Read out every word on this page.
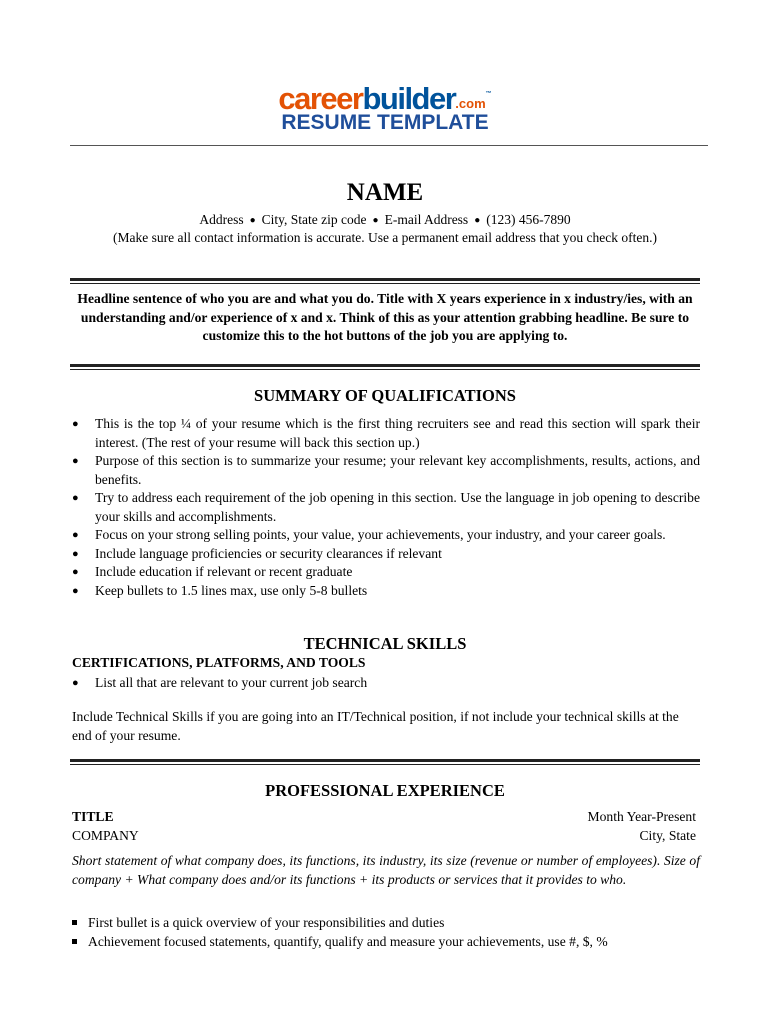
careerbuilder.com™
RESUME TEMPLATE
NAME
Address ● City, State zip code ● E-mail Address ● (123) 456-7890
(Make sure all contact information is accurate. Use a permanent email address that you check often.)
Headline sentence of who you are and what you do. Title with X years experience in x industry/ies, with an understanding and/or experience of x and x. Think of this as your attention grabbing headline. Be sure to customize this to the hot buttons of the job you are applying to.
SUMMARY OF QUALIFICATIONS
● This is the top ¼ of your resume which is the first thing recruiters see and read this section will spark their interest. (The rest of your resume will back this section up.)
● Purpose of this section is to summarize your resume; your relevant key accomplishments, results, actions, and benefits.
● Try to address each requirement of the job opening in this section. Use the language in job opening to describe your skills and accomplishments.
● Focus on your strong selling points, your value, your achievements, your industry, and your career goals.
● Include language proficiencies or security clearances if relevant
● Include education if relevant or recent graduate
● Keep bullets to 1.5 lines max, use only 5-8 bullets
TECHNICAL SKILLS
CERTIFICATIONS, PLATFORMS, AND TOOLS
● List all that are relevant to your current job search
Include Technical Skills if you are going into an IT/Technical position, if not include your technical skills at the end of your resume.
PROFESSIONAL EXPERIENCE
TITLE
COMPANY
Month Year-Present
City, State
Short statement of what company does, its functions, its industry, its size (revenue or number of employees). Size of company + What company does and/or its functions + its products or services that it provides to who.
First bullet is a quick overview of your responsibilities and duties
Achievement focused statements, quantify, qualify and measure your achievements, use #, $, %
